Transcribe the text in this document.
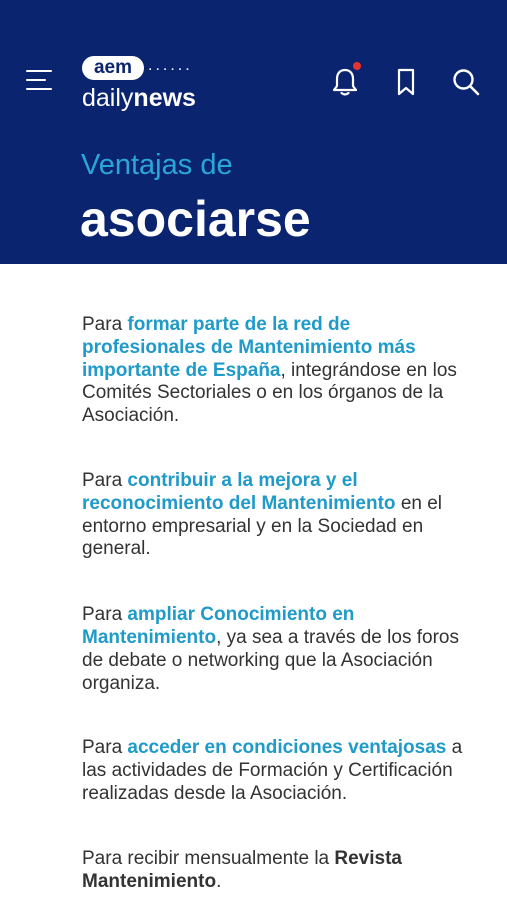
aem ......
dailynews
Ventajas de
asociarse

Para formar parte de la red de profesionales de Mantenimiento más importante de España, integrándose en los Comités Sectoriales o en los órganos de la Asociación.

Para contribuir a la mejora y el reconocimiento del Mantenimiento en el entorno empresarial y en la Sociedad en general.

Para ampliar Conocimiento en Mantenimiento, ya sea a través de los foros de debate o networking que la Asociación organiza.

Para acceder en condiciones ventajosas a las actividades de Formación y Certificación realizadas desde la Asociación.

Para recibir mensualmente la Revista Mantenimiento.
